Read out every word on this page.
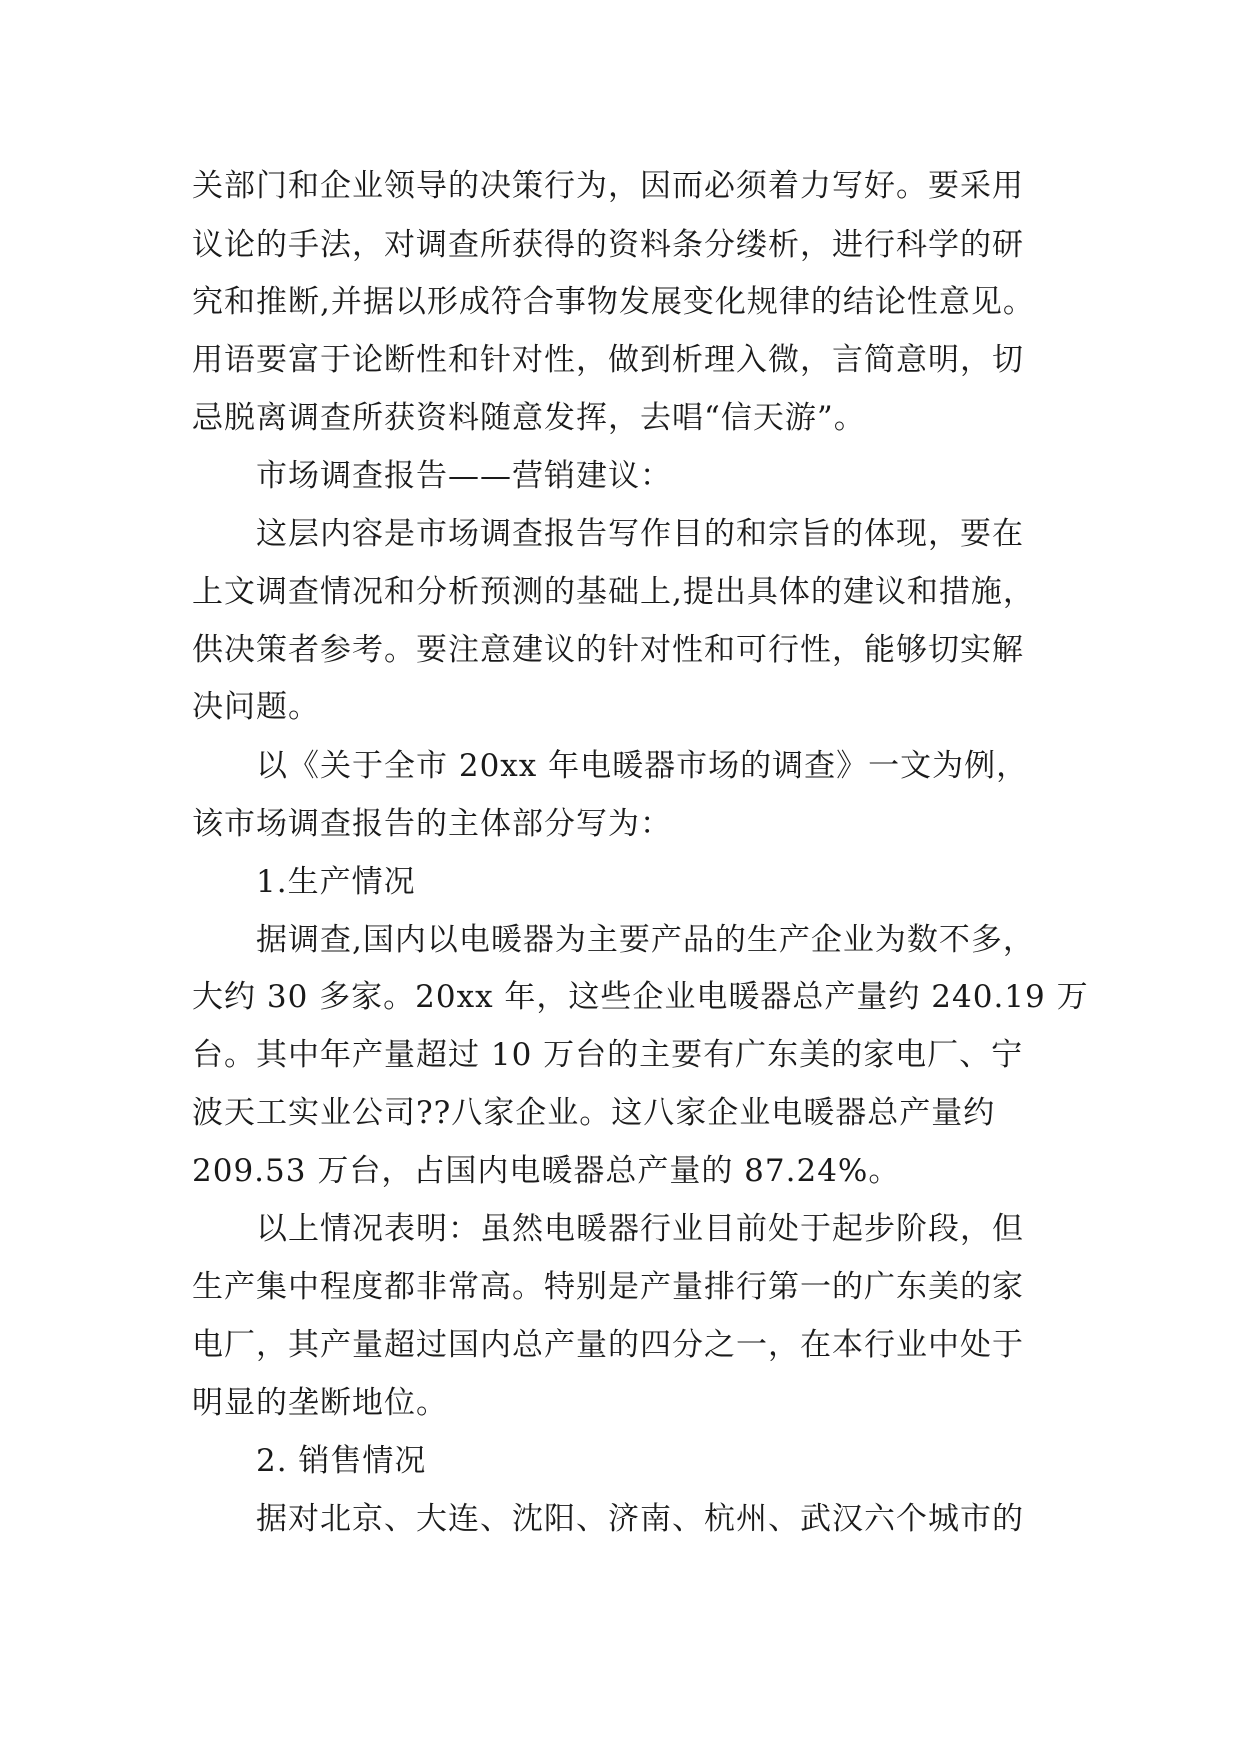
关部门和企业领导的决策行为，因而必须着力写好。要采用
议论的手法，对调查所获得的资料条分缕析，进行科学的研
究和推断,并据以形成符合事物发展变化规律的结论性意见。
用语要富于论断性和针对性，做到析理入微，言简意明，切
忌脱离调查所获资料随意发挥，去唱“信天游”。
市场调查报告——营销建议：
这层内容是市场调查报告写作目的和宗旨的体现，要在
上文调查情况和分析预测的基础上,提出具体的建议和措施，
供决策者参考。要注意建议的针对性和可行性，能够切实解
决问题。
以《关于全市 20xx 年电暖器市场的调查》一文为例，
该市场调查报告的主体部分写为：
1.生产情况
据调查,国内以电暖器为主要产品的生产企业为数不多，
大约 30 多家。20xx 年，这些企业电暖器总产量约 240.19 万
台。其中年产量超过 10 万台的主要有广东美的家电厂、宁
波天工实业公司??八家企业。这八家企业电暖器总产量约
209.53 万台，占国内电暖器总产量的 87.24%。
以上情况表明：虽然电暖器行业目前处于起步阶段，但
生产集中程度都非常高。特别是产量排行第一的广东美的家
电厂，其产量超过国内总产量的四分之一，在本行业中处于
明显的垄断地位。
2. 销售情况
据对北京、大连、沈阳、济南、杭州、武汉六个城市的
